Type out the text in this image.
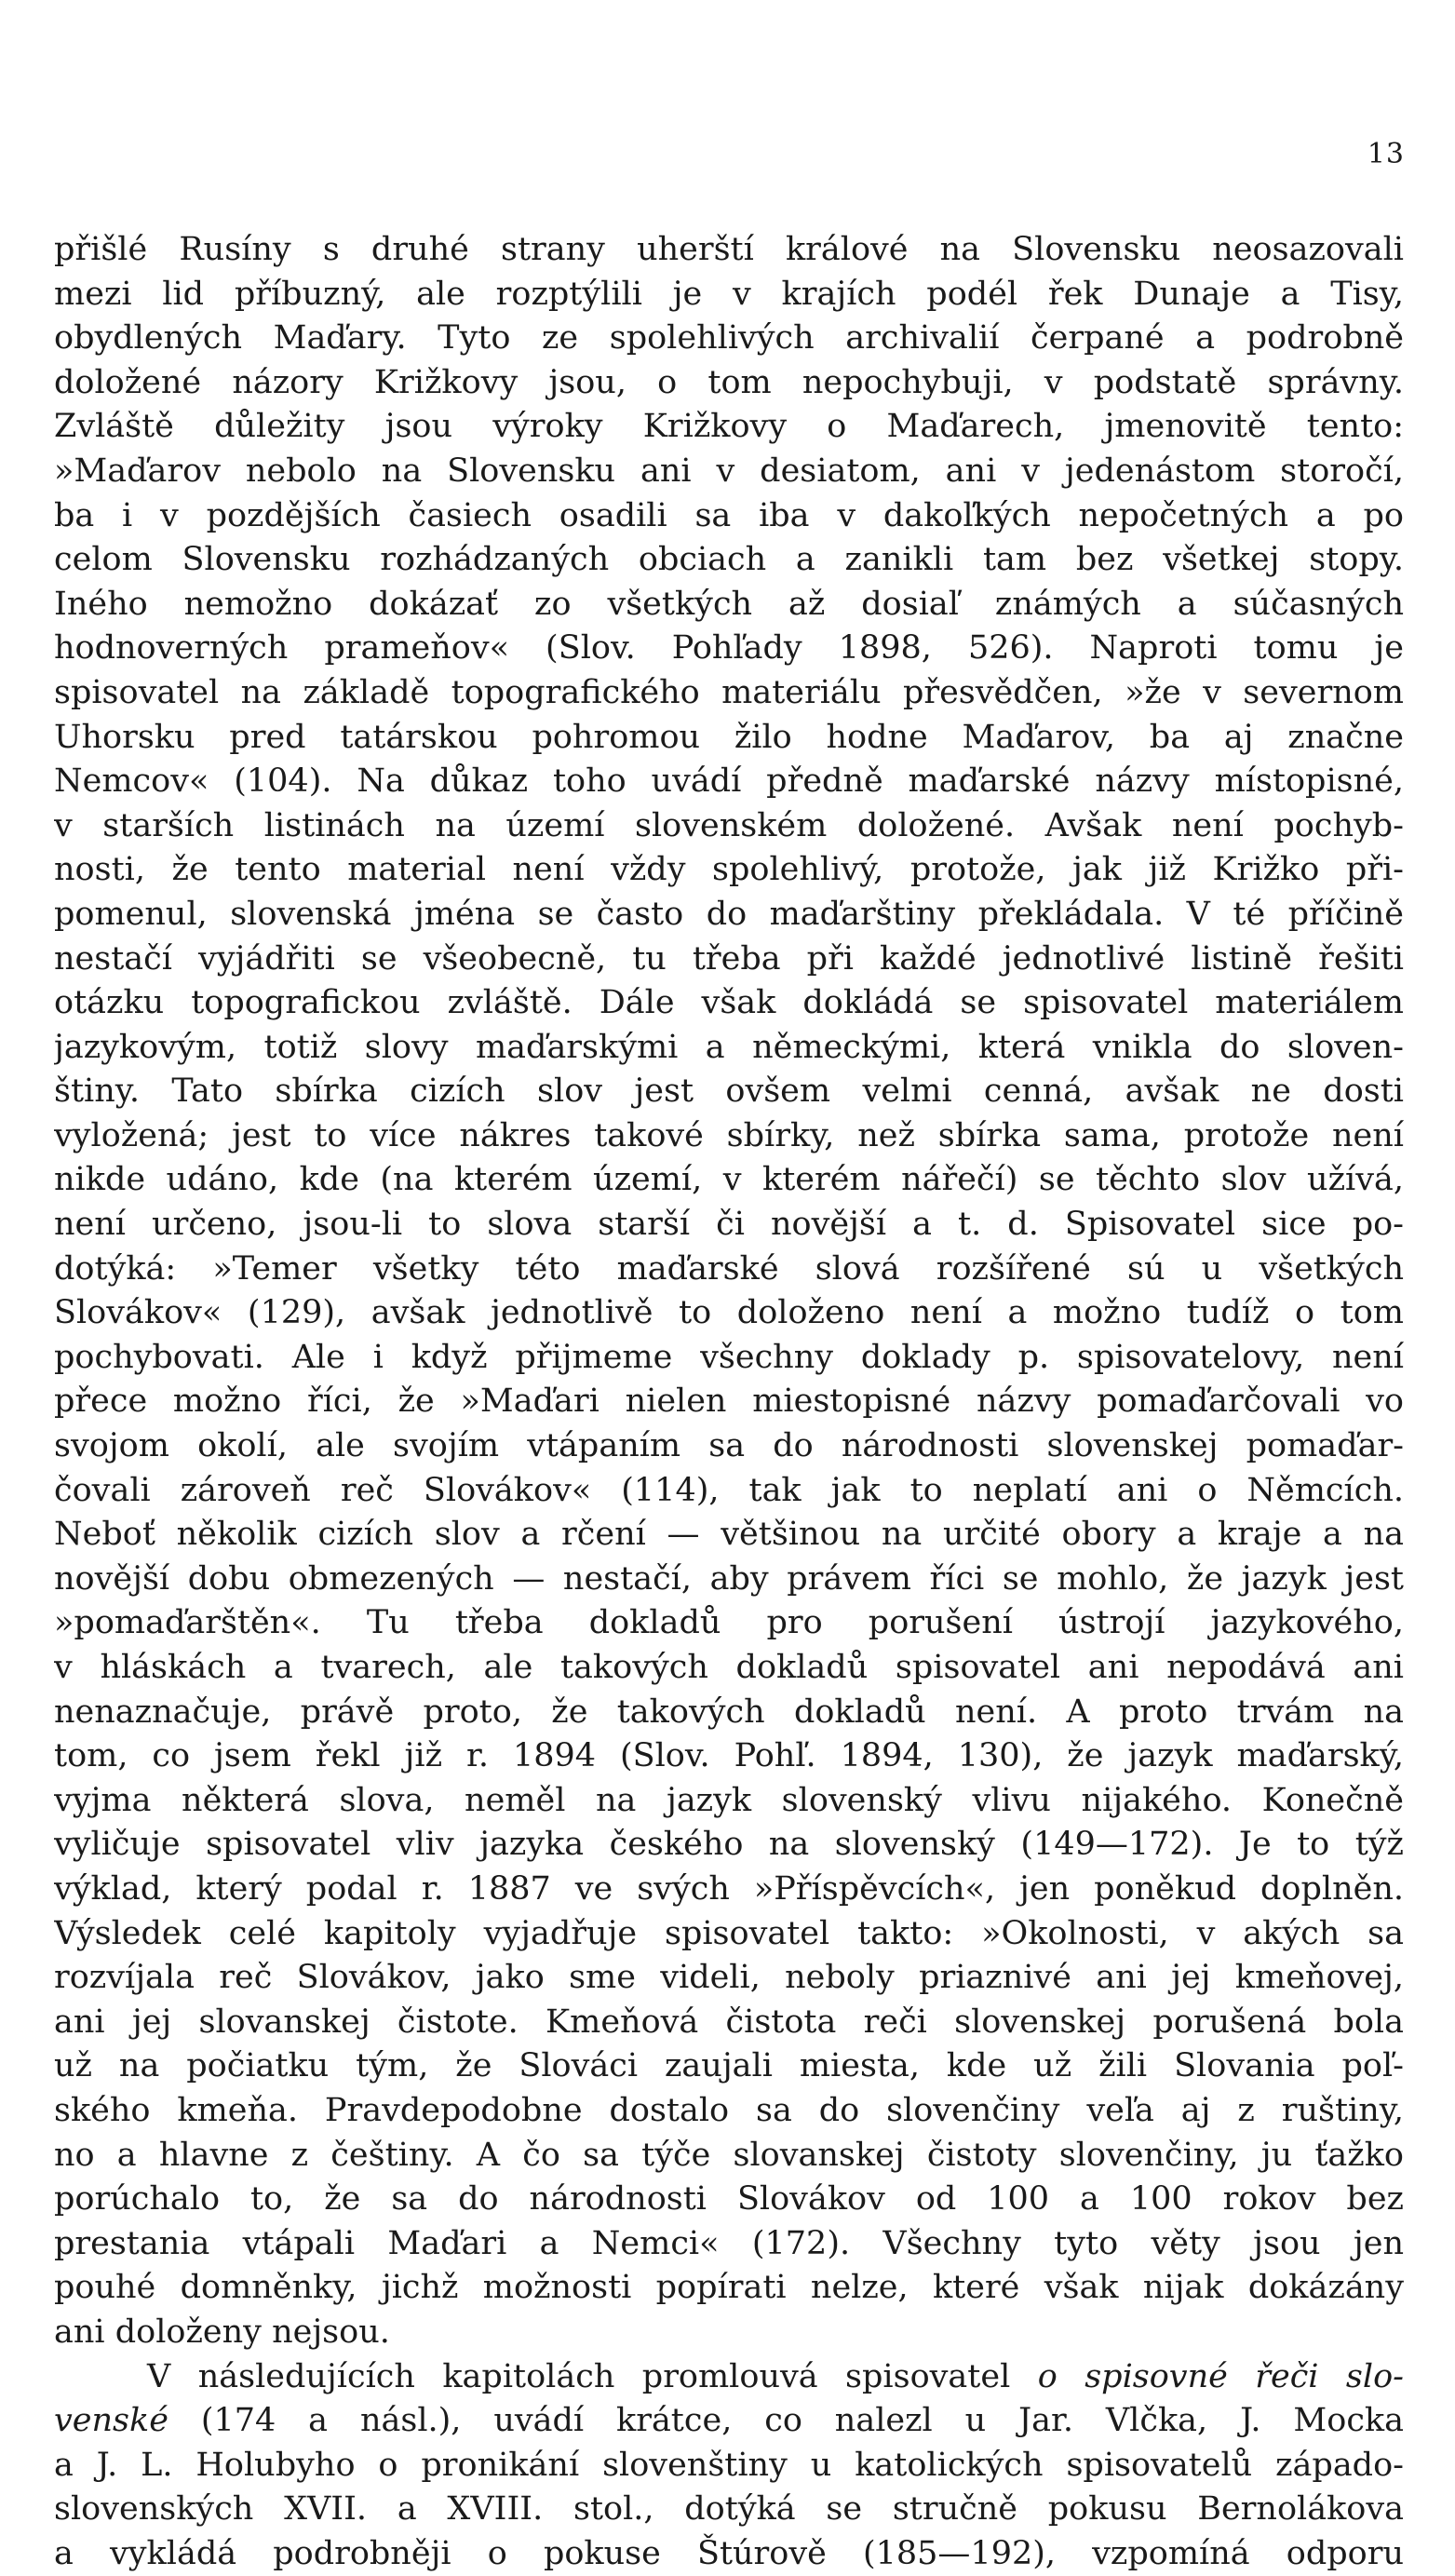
13
přišlé Rusíny s druhé strany uherští králové na Slovensku neosazovali
mezi lid příbuzný, ale rozptýlili je v krajích podél řek Dunaje a Tisy,
obydlených Maďary. Tyto ze spolehlivých archivalií čerpané a podrobně
doložené názory Križkovy jsou, o tom nepochybuji, v podstatě správny.
Zvláště důležity jsou výroky Križkovy o Maďarech, jmenovitě tento:
»Maďarov nebolo na Slovensku ani v desiatom, ani v jedenástom storočí,
ba i v pozdějších časiech osadili sa iba v dakoľkých nepočetných a po
celom Slovensku rozhádzaných obciach a zanikli tam bez všetkej stopy.
Iného nemožno dokázať zo všetkých až dosiaľ známých a súčasných
hodnoverných prameňov« (Slov. Pohľady 1898, 526). Naproti tomu je
spisovatel na základě topografického materiálu přesvědčen, »že v severnom
Uhorsku pred tatárskou pohromou žilo hodne Maďarov, ba aj značne
Nemcov« (104). Na důkaz toho uvádí předně maďarské názvy místopisné,
v starších listinách na území slovenském doložené. Avšak není pochyb-
nosti, že tento material není vždy spolehlivý, protože, jak již Križko při-
pomenul, slovenská jména se často do maďarštiny překládala. V té příčině
nestačí vyjádřiti se všeobecně, tu třeba při každé jednotlivé listině řešiti
otázku topografickou zvláště. Dále však dokládá se spisovatel materiálem
jazykovým, totiž slovy maďarskými a německými, která vnikla do sloven-
štiny. Tato sbírka cizích slov jest ovšem velmi cenná, avšak ne dosti
vyložená; jest to více nákres takové sbírky, než sbírka sama, protože není
nikde udáno, kde (na kterém území, v kterém nářečí) se těchto slov užívá,
není určeno, jsou-li to slova starší či novější a t. d. Spisovatel sice po-
dotýká: »Temer všetky této maďarské slová rozšířené sú u všetkých
Slovákov« (129), avšak jednotlivě to doloženo není a možno tudíž o tom
pochybovati. Ale i když přijmeme všechny doklady p. spisovatelovy, není
přece možno říci, že »Maďari nielen miestopisné názvy pomaďarčovali vo
svojom okolí, ale svojím vtápaním sa do národnosti slovenskej pomaďar-
čovali zároveň reč Slovákov« (114), tak jak to neplatí ani o Němcích.
Neboť několik cizích slov a rčení — většinou na určité obory a kraje a na
novější dobu obmezených — nestačí, aby právem říci se mohlo, že jazyk jest
»pomaďarštěn«. Tu třeba dokladů pro porušení ústrojí jazykového,
v hláskách a tvarech, ale takových dokladů spisovatel ani nepodává ani
nenaznačuje, právě proto, že takových dokladů není. A proto trvám na
tom, co jsem řekl již r. 1894 (Slov. Pohľ. 1894, 130), že jazyk maďarský,
vyjma některá slova, neměl na jazyk slovenský vlivu nijakého. Konečně
vyličuje spisovatel vliv jazyka českého na slovenský (149—172). Je to týž
výklad, který podal r. 1887 ve svých »Příspěvcích«, jen poněkud doplněn.
Výsledek celé kapitoly vyjadřuje spisovatel takto: »Okolnosti, v akých sa
rozvíjala reč Slovákov, jako sme videli, neboly priaznivé ani jej kmeňovej,
ani jej slovanskej čistote. Kmeňová čistota reči slovenskej porušená bola
už na počiatku tým, že Slováci zaujali miesta, kde už žili Slovania poľ-
ského kmeňa. Pravdepodobne dostalo sa do slovenčiny veľa aj z ruštiny,
no a hlavne z češtiny. A čo sa týče slovanskej čistoty slovenčiny, ju ťažko
porúchalo to, že sa do národnosti Slovákov od 100 a 100 rokov bez
prestania vtápali Maďari a Nemci« (172). Všechny tyto věty jsou jen
pouhé domněnky, jichž možnosti popírati nelze, které však nijak dokázány
ani doloženy nejsou.
V následujících kapitolách promlouvá spisovatel o spisovné řeči slo-
venské (174 a násl.), uvádí krátce, co nalezl u Jar. Vlčka, J. Mocka
a J. L. Holubyho o pronikání slovenštiny u katolických spisovatelů západo-
slovenských XVII. a XVIII. stol., dotýká se stručně pokusu Bernolákova
a vykládá podrobněji o pokuse Štúrově (185—192), vzpomíná odporu
